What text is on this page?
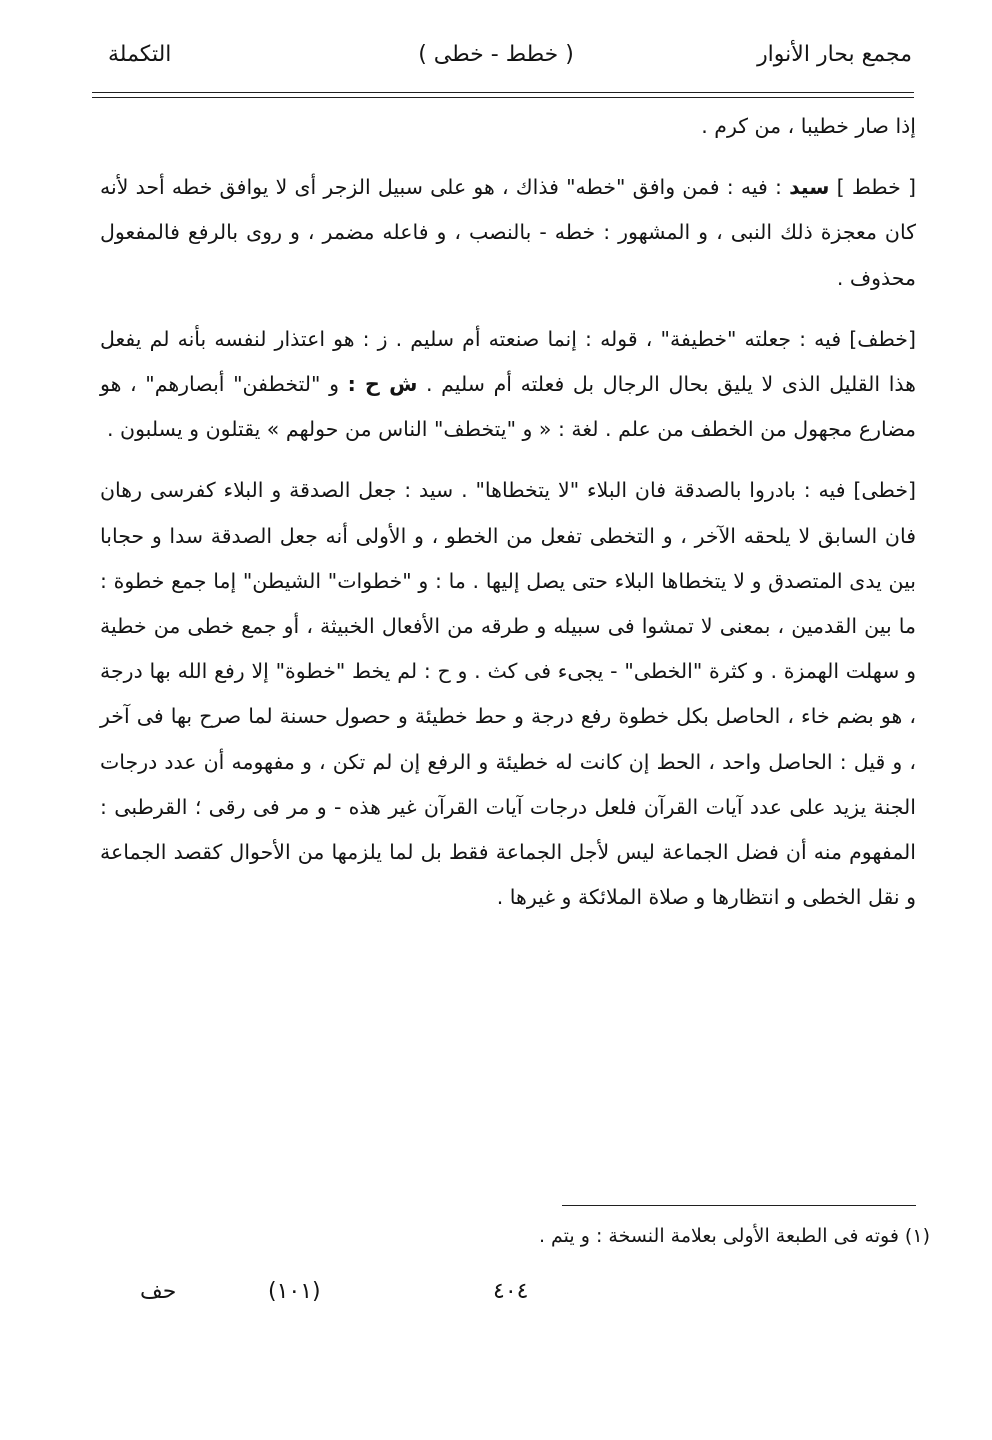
مجمع بحار الأنوار
( خطط - خطى )
التكملة

إذا صار خطيبا ، من كرم .

[ خطط ] سيد : فيه : فمن وافق "خطه" فذاك ، هو على سبيل الزجر أى لا يوافق خطه أحد لأنه كان معجزة ذلك النبى ، و المشهور : خطه - بالنصب ، و فاعله مضمر ، و روى بالرفع فالمفعول محذوف .

[خطف] فيه : جعلته "خطيفة" ، قوله : إنما صنعته أم سليم . ز : هو اعتذار لنفسه بأنه لم يفعل هذا القليل الذى لا يليق بحال الرجال بل فعلته أم سليم . ش ح : و "لتخطفن" أبصارهم" ، هو مضارع مجهول من الخطف من علم . لغة : « و "يتخطف" الناس من حولهم » يقتلون و يسلبون .

[خطى] فيه : بادروا بالصدقة فان البلاء "لا يتخطاها" . سيد : جعل الصدقة و البلاء كفرسى رهان فان السابق لا يلحقه الآخر ، و التخطى تفعل من الخطو ، و الأولى أنه جعل الصدقة سدا و حجابا بين يدى المتصدق و لا يتخطاها البلاء حتى يصل إليها . ما : و "خطوات" الشيطن" إما جمع خطوة : ما بين القدمين ، بمعنى لا تمشوا فى سبيله و طرقه من الأفعال الخبيثة ، أو جمع خطى من خطية و سهلت الهمزة . و كثرة "الخطى" - يجىء فى كث . و ح : لم يخط "خطوة" إلا رفع الله بها درجة ، هو بضم خاء ، الحاصل بكل خطوة رفع درجة و حط خطيئة و حصول حسنة لما صرح بها فى آخر ، و قيل : الحاصل واحد ، الحط إن كانت له خطيئة و الرفع إن لم تكن ، و مفهومه أن عدد درجات الجنة يزيد على عدد آيات القرآن فلعل درجات آيات القرآن غير هذه - و مر فى رقى ؛ القرطبى : المفهوم منه أن فضل الجماعة ليس لأجل الجماعة فقط بل لما يلزمها من الأحوال كقصد الجماعة و نقل الخطى و انتظارها و صلاة الملائكة و غيرها .

(١) فوته فى الطبعة الأولى بعلامة النسخة : و يتم .
٤٠٤
(١٠١)
حف
